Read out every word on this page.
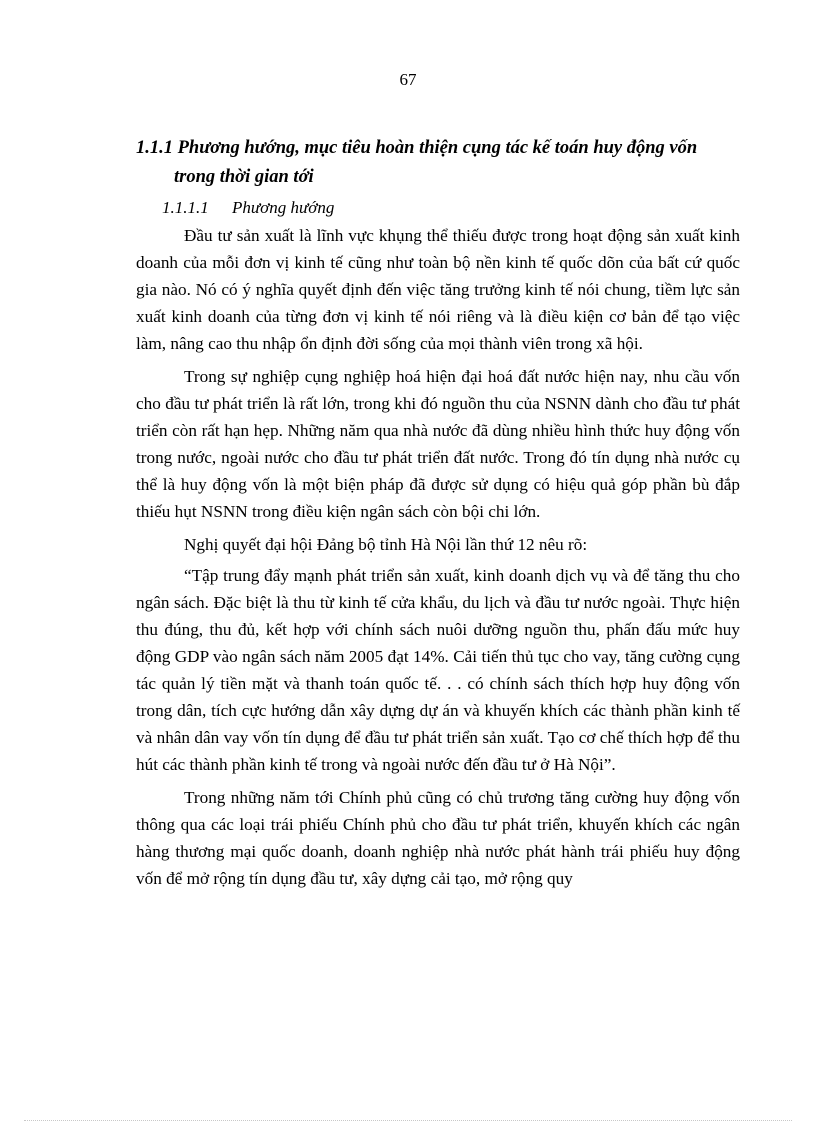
67
1.1.1 Phương hướng, mục tiêu hoàn thiện cụng tác kế toán huy động vốn
trong thời gian tới
1.1.1.1 Phương hướng

Đầu tư sản xuất là lĩnh vực khụng thể thiếu được trong hoạt động sản xuất kinh doanh của mỗi đơn vị kinh tế cũng như toàn bộ nền kinh tế quốc dõn của bất cứ quốc gia nào. Nó có ý nghĩa quyết định đến việc tăng trưởng kinh tế nói chung, tiềm lực sản xuất kinh doanh của từng đơn vị kinh tế nói riêng và là điều kiện cơ bản để tạo việc làm, nâng cao thu nhập ổn định đời sống của mọi thành viên trong xã hội.

Trong sự nghiệp cụng nghiệp hoá hiện đại hoá đất nước hiện nay, nhu cầu vốn cho đầu tư phát triển là rất lớn, trong khi đó nguồn thu của NSNN dành cho đầu tư phát triển còn rất hạn hẹp. Những năm qua nhà nước đã dùng nhiều hình thức huy động vốn trong nước, ngoài nước cho đầu tư phát triển đất nước. Trong đó tín dụng nhà nước cụ thể là huy động vốn là một biện pháp đã được sử dụng có hiệu quả góp phần bù đắp thiếu hụt NSNN trong điều kiện ngân sách còn bội chi lớn.

Nghị quyết đại hội Đảng bộ tỉnh Hà Nội lần thứ 12 nêu rõ:

“Tập trung đẩy mạnh phát triển sản xuất, kinh doanh dịch vụ và để tăng thu cho ngân sách. Đặc biệt là thu từ kinh tế cửa khẩu, du lịch và đầu tư nước ngoài. Thực hiện thu đúng, thu đủ, kết hợp với chính sách nuôi dưỡng nguồn thu, phấn đấu mức huy động GDP vào ngân sách năm 2005 đạt 14%. Cải tiến thủ tục cho vay, tăng cường cụng tác quản lý tiền mặt và thanh toán quốc tế. . . có chính sách thích hợp huy động vốn trong dân, tích cực hướng dẫn xây dựng dự án và khuyến khích các thành phần kinh tế và nhân dân vay vốn tín dụng để đầu tư phát triển sản xuất. Tạo cơ chế thích hợp để thu hút các thành phần kinh tế trong và ngoài nước đến đầu tư ở Hà Nội”.

Trong những năm tới Chính phủ cũng có chủ trương tăng cường huy động vốn thông qua các loại trái phiếu Chính phủ cho đầu tư phát triển, khuyến khích các ngân hàng thương mại quốc doanh, doanh nghiệp nhà nước phát hành trái phiếu huy động vốn để mở rộng tín dụng đầu tư, xây dựng cải tạo, mở rộng quy
